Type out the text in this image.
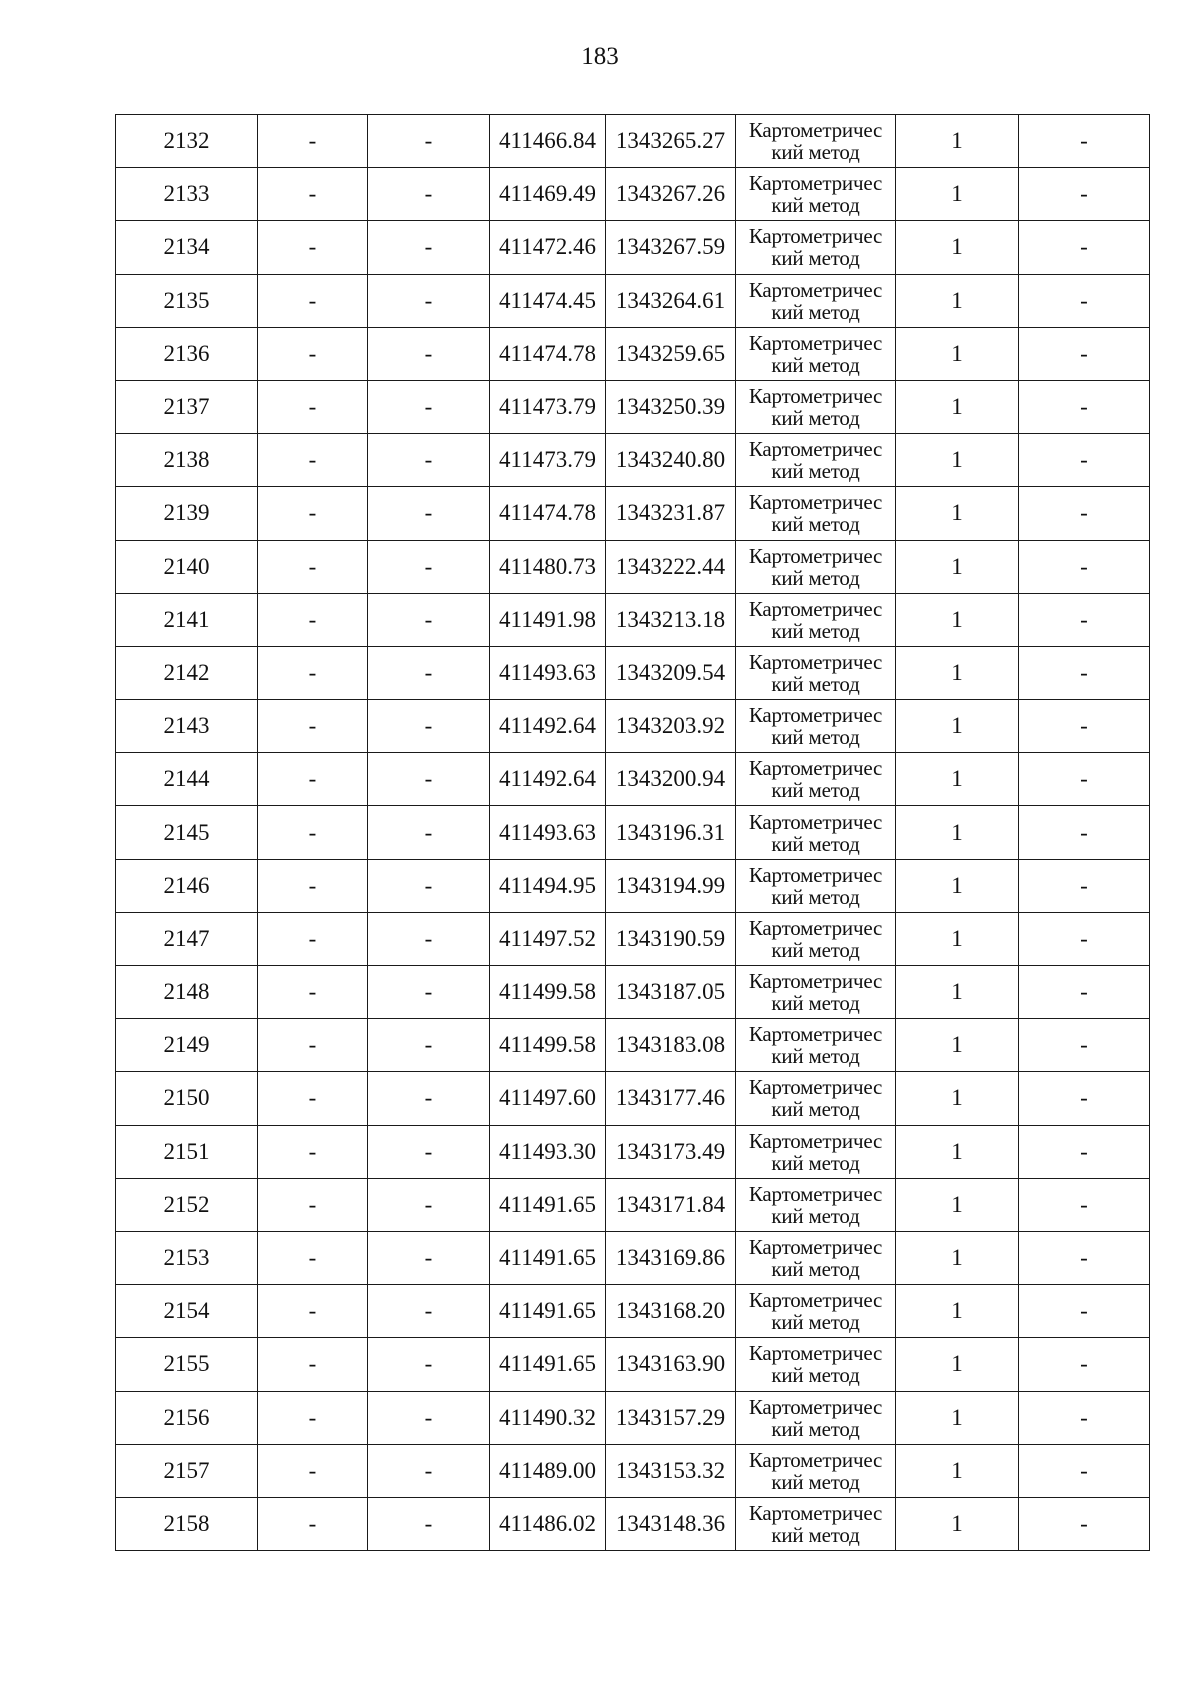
183
2132	-	-	411466.84	1343265.27	Картометричес
кий метод	1	-
2133	-	-	411469.49	1343267.26	Картометричес
кий метод	1	-
2134	-	-	411472.46	1343267.59	Картометричес
кий метод	1	-
2135	-	-	411474.45	1343264.61	Картометричес
кий метод	1	-
2136	-	-	411474.78	1343259.65	Картометричес
кий метод	1	-
2137	-	-	411473.79	1343250.39	Картометричес
кий метод	1	-
2138	-	-	411473.79	1343240.80	Картометричес
кий метод	1	-
2139	-	-	411474.78	1343231.87	Картометричес
кий метод	1	-
2140	-	-	411480.73	1343222.44	Картометричес
кий метод	1	-
2141	-	-	411491.98	1343213.18	Картометричес
кий метод	1	-
2142	-	-	411493.63	1343209.54	Картометричес
кий метод	1	-
2143	-	-	411492.64	1343203.92	Картометричес
кий метод	1	-
2144	-	-	411492.64	1343200.94	Картометричес
кий метод	1	-
2145	-	-	411493.63	1343196.31	Картометричес
кий метод	1	-
2146	-	-	411494.95	1343194.99	Картометричес
кий метод	1	-
2147	-	-	411497.52	1343190.59	Картометричес
кий метод	1	-
2148	-	-	411499.58	1343187.05	Картометричес
кий метод	1	-
2149	-	-	411499.58	1343183.08	Картометричес
кий метод	1	-
2150	-	-	411497.60	1343177.46	Картометричес
кий метод	1	-
2151	-	-	411493.30	1343173.49	Картометричес
кий метод	1	-
2152	-	-	411491.65	1343171.84	Картометричес
кий метод	1	-
2153	-	-	411491.65	1343169.86	Картометричес
кий метод	1	-
2154	-	-	411491.65	1343168.20	Картометричес
кий метод	1	-
2155	-	-	411491.65	1343163.90	Картометричес
кий метод	1	-
2156	-	-	411490.32	1343157.29	Картометричес
кий метод	1	-
2157	-	-	411489.00	1343153.32	Картометричес
кий метод	1	-
2158	-	-	411486.02	1343148.36	Картометричес
кий метод	1	-
